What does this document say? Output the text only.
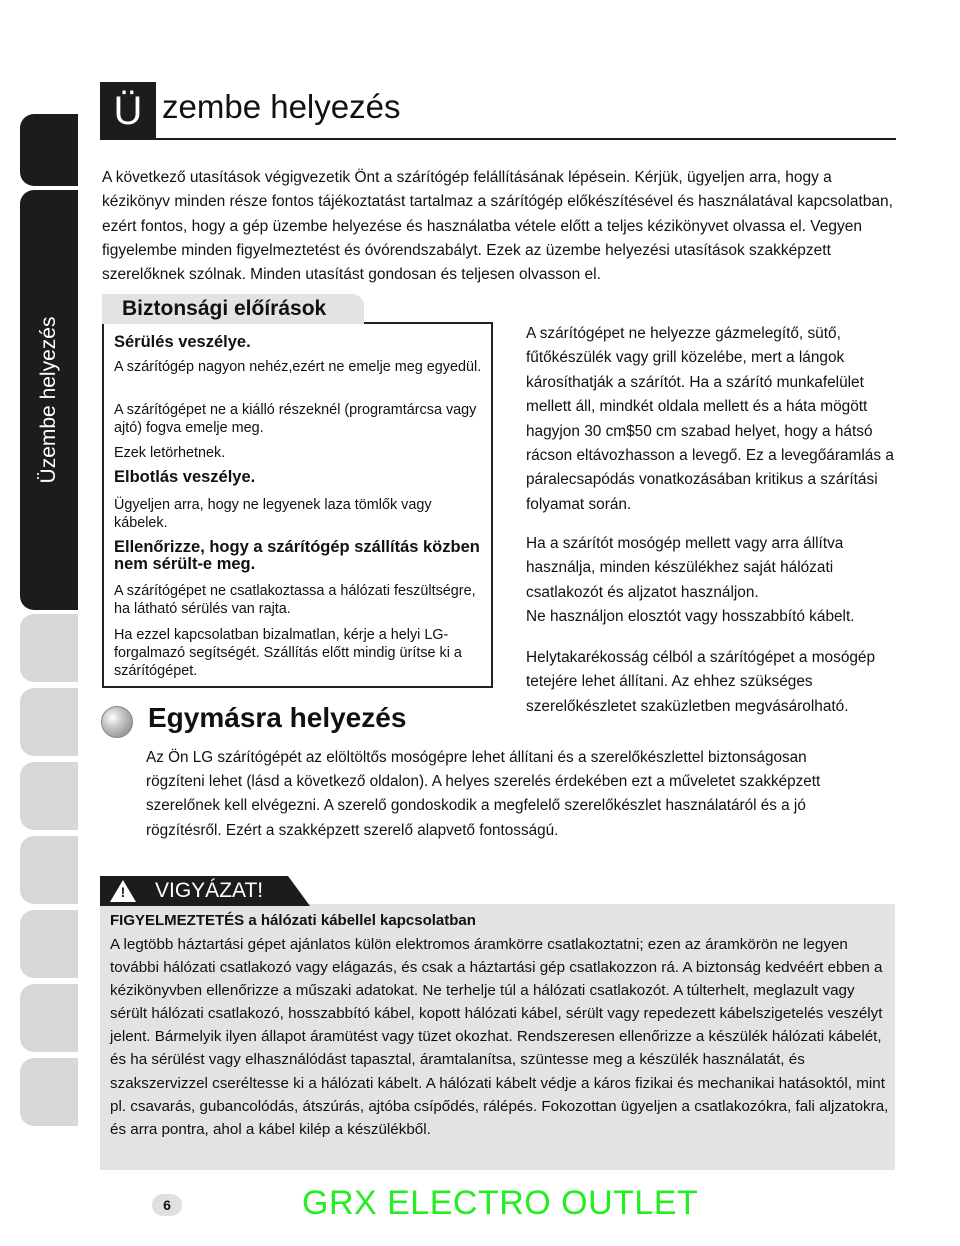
Üzembe helyezés
Ü zembe helyezés

A következő utasítások végigvezetik Önt a szárítógép felállításának lépésein. Kérjük, ügyeljen arra, hogy a kézikönyv minden része fontos tájékoztatást tartalmaz a szárítógép előkészítésével és használatával kapcsolatban, ezért fontos, hogy a gép üzembe helyezése és használatba vétele előtt a teljes kézikönyvet olvassa el. Vegyen figyelembe minden figyelmeztetést és óvórendszabályt. Ezek az üzembe helyezési utasítások szakképzett szerelőknek szólnak. Minden utasítást gondosan és teljesen olvasson el.

Biztonsági előírások

Sérülés veszélye.

A szárítógép nagyon nehéz,ezért ne emelje meg egyedül.

A szárítógépet ne a kiálló részeknél (programtárcsa vagy ajtó) fogva emelje meg.

Ezek letörhetnek.

Elbotlás veszélye.

Ügyeljen arra, hogy ne legyenek laza tömlők vagy kábelek.

Ellenőrizze, hogy a szárítógép szállítás közben nem sérült-e meg.

A szárítógépet ne csatlakoztassa a hálózati feszültségre, ha látható sérülés van rajta.

Ha ezzel kapcsolatban bizalmatlan, kérje a helyi LG-forgalmazó segítségét. Szállítás előtt mindig ürítse ki a szárítógépet.

A szárítógépet ne helyezze gázmelegítő, sütő, fűtőkészülék vagy grill közelébe, mert a lángok károsíthatják a szárítót. Ha a szárító munkafelület mellett áll, mindkét oldala mellett és a háta mögött hagyjon 30 cm$50 cm szabad helyet, hogy a hátsó rácson eltávozhasson a levegő. Ez a levegőáramlás a páralecsapódás vonatkozásában kritikus a szárítási folyamat során.

Ha a szárítót mosógép mellett vagy arra állítva használja, minden készülékhez saját hálózati csatlakozót és aljzatot használjon.

Ne használjon elosztót vagy hosszabbító kábelt.

Helytakarékosság célból a szárítógépet a mosógép tetejére lehet állítani. Az ehhez szükséges szerelőkészletet szaküzletben megvásárolható.

Egymásra helyezés

Az Ön LG szárítógépét az elöltöltős mosógépre lehet állítani és a szerelőkészlettel biztonságosan rögzíteni lehet (lásd a következő oldalon). A helyes szerelés érdekében ezt a műveletet szakképzett szerelőnek kell elvégezni. A szerelő gondoskodik a megfelelő szerelőkészlet használatáról és a jó rögzítésről. Ezért a szakképzett szerelő alapvető fontosságú.

!	VIGYÁZAT!
FIGYELMEZTETÉS a hálózati kábellel kapcsolatban

A legtöbb háztartási gépet ajánlatos külön elektromos áramkörre csatlakoztatni; ezen az áramkörön ne legyen további hálózati csatlakozó vagy elágazás, és csak a háztartási gép csatlakozzon rá. A biztonság kedvéért ebben a kézikönyvben ellenőrizze a műszaki adatokat. Ne terhelje túl a hálózati csatlakozót. A túlterhelt, meglazult vagy sérült hálózati csatlakozó, hosszabbító kábel, kopott hálózati kábel, sérült vagy repedezett kábelszigetelés veszélyt jelent. Bármelyik ilyen állapot áramütést vagy tüzet okozhat. Rendszeresen ellenőrizze a készülék hálózati kábelét, és ha sérülést vagy elhasználódást tapasztal, áramtalanítsa, szüntesse meg a készülék használatát, és szakszervizzel cseréltesse ki a hálózati kábelt. A hálózati kábelt védje a káros fizikai és mechanikai hatásoktól, mint pl. csavarás, gubancolódás, átszúrás, ajtóba csípődés, rálépés. Fokozottan ügyeljen a csatlakozókra, fali aljzatokra, és arra pontra, ahol a kábel kilép a készülékből.

6	GRX ELECTRO OUTLET
